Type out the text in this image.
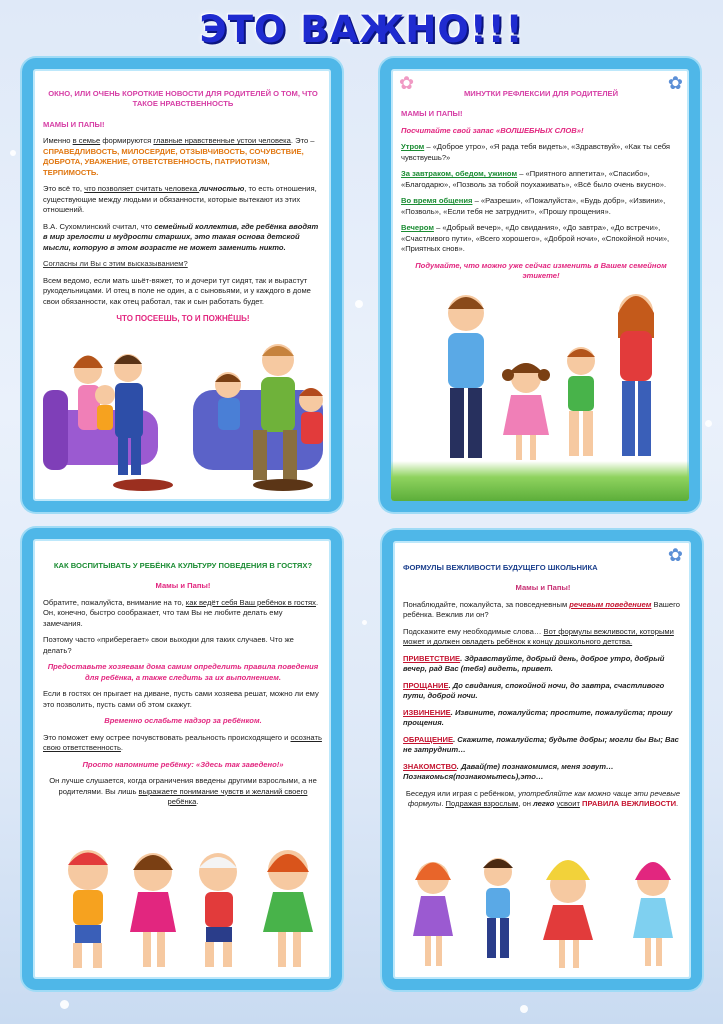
ЭТО ВАЖНО!!!
ОКНО, ИЛИ ОЧЕНЬ КОРОТКИЕ НОВОСТИ ДЛЯ РОДИТЕЛЕЙ О ТОМ, ЧТО ТАКОЕ НРАВСТВЕННОСТЬ

МАМЫ И ПАПЫ!

Именно в семье формируются главные нравственные устои человека. Это – СПРАВЕДЛИВОСТЬ, МИЛОСЕРДИЕ, ОТЗЫВЧИВОСТЬ, СОЧУВСТВИЕ, ДОБРОТА, УВАЖЕНИЕ, ОТВЕТСТВЕННОСТЬ, ПАТРИОТИЗМ, ТЕРПИМОСТЬ.

Это всё то, что позволяет считать человека личностью, то есть отношения, существующие между людьми и обязанности, которые вытекают из этих отношений.

В.А. Сухомлинский считал, что семейный коллектив, где ребёнка вводят в мир зрелости и мудрости старших, это такая основа детской мысли, которую в этом возрасте не может заменить никто.

Согласны ли Вы с этим высказыванием?

Всем ведомо, если мать шьёт-вяжет, то и дочери тут сидят, так и вырастут рукодельницами. И отец в поле не один, а с сыновьями, и у каждого в доме свои обязанности, как отец работал, так и сын работать будет.

ЧТО ПОСЕЕШЬ, ТО И ПОЖНЁШЬ!

✿
✿
МИНУТКИ РЕФЛЕКСИИ ДЛЯ РОДИТЕЛЕЙ

МАМЫ И ПАПЫ!

Посчитайте свой запас «ВОЛШЕБНЫХ СЛОВ»!

Утром – «Доброе утро», «Я рада тебя видеть», «Здравствуй», «Как ты себя чувствуешь?»

За завтраком, обедом, ужином – «Приятного аппетита», «Спасибо», «Благодарю», «Позволь за тобой поухаживать», «Всё было очень вкусно».

Во время общения – «Разреши», «Пожалуйста», «Будь добр», «Извини», «Позволь», «Если тебя не затруднит», «Прошу прощения».

Вечером – «Добрый вечер», «До свидания», «До завтра», «До встречи», «Счастливого пути», «Всего хорошего», «Доброй ночи», «Спокойной ночи», «Приятных снов».

Подумайте, что можно уже сейчас изменить в Вашем семейном этикете!

КАК ВОСПИТЫВАТЬ У РЕБЁНКА КУЛЬТУРУ ПОВЕДЕНИЯ В ГОСТЯХ?

Мамы и Папы!

Обратите, пожалуйста, внимание на то, как ведёт себя Ваш ребёнок в гостях. Он, конечно, быстро соображает, что там Вы не любите делать ему замечания.

Поэтому часто «приберегает» свои выходки для таких случаев. Что же делать?

Предоставьте хозяевам дома самим определить правила поведения для ребёнка, а также следить за их выполнением.

Если в гостях он прыгает на диване, пусть сами хозяева решат, можно ли ему это позволить, пусть сами об этом скажут.

Временно ослабьте надзор за ребёнком.

Это поможет ему острее почувствовать реальность происходящего и осознать свою ответственность.

Просто напомните ребёнку: «Здесь так заведено!»

Он лучше слушается, когда ограничения введены другими взрослыми, а не родителями. Вы лишь выражаете понимание чувств и желаний своего ребёнка.

✿
ФОРМУЛЫ ВЕЖЛИВОСТИ БУДУЩЕГО ШКОЛЬНИКА

Мамы и Папы!

Понаблюдайте, пожалуйста, за повседневным речевым поведением Вашего ребёнка. Вежлив ли он?

Подскажите ему необходимые слова… Вот формулы вежливости, которыми может и должен овладеть ребёнок к концу дошкольного детства.

ПРИВЕТСТВИЕ. Здравствуйте, добрый день, доброе утро, добрый вечер, рад Вас (тебя) видеть, привет.

ПРОЩАНИЕ. До свидания, спокойной ночи, до завтра, счастливого пути, доброй ночи.

ИЗВИНЕНИЕ. Извините, пожалуйста; простите, пожалуйста; прошу прощения.

ОБРАЩЕНИЕ. Скажите, пожалуйста; будьте добры; могли бы Вы; Вас не затруднит…

ЗНАКОМСТВО. Давай(те) познакомимся, меня зовут… Познакомься(познакомьтесь),это…

Беседуя или играя с ребёнком, употребляйте как можно чаще эти речевые формулы. Подражая взрослым, он легко усвоит ПРАВИЛА ВЕЖЛИВОСТИ.
